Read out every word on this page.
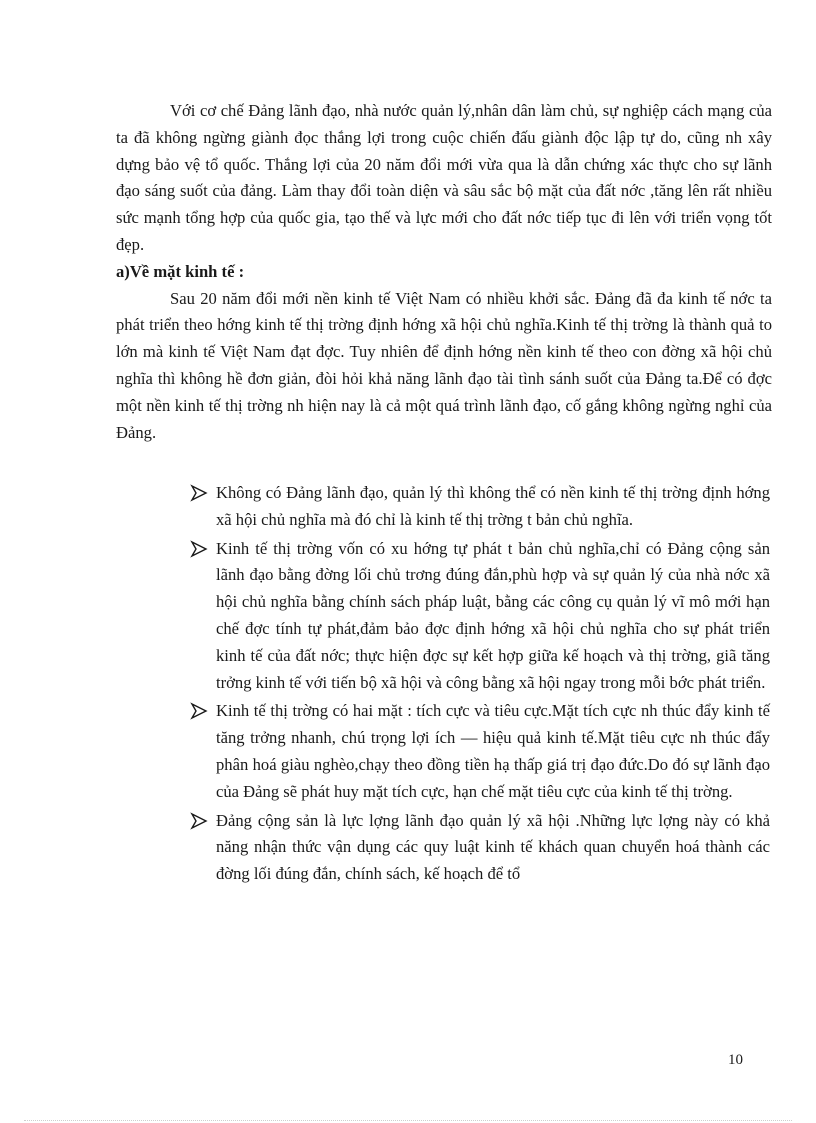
Với cơ chế Đảng lãnh đạo, nhà nước quản lý,nhân dân làm chủ, sự nghiệp cách mạng của ta đã không ngừng giành đọc thắng lợi trong cuộc chiến đấu giành độc lập tự do, cũng nh xây dựng bảo vệ tổ quốc. Thắng lợi của 20 năm đổi mới vừa qua là dẫn chứng xác thực cho sự lãnh đạo sáng suốt của đảng. Làm thay đổi toàn diện và sâu sắc bộ mặt của đất nớc ,tăng lên rất nhiều sức mạnh tổng hợp của quốc gia, tạo thế và lực mới cho đất nớc tiếp tục đi lên với triển vọng tốt đẹp.

a)Về mặt kinh tế :

Sau 20 năm đổi mới nền kinh tế Việt Nam có nhiều khởi sắc. Đảng đã đa kinh tế nớc ta phát triển theo hớng kinh tế thị trờng định hớng xã hội chủ nghĩa.Kinh tế thị trờng là thành quả to lớn mà kinh tế Việt Nam đạt đợc. Tuy nhiên để định hớng nền kinh tế theo con đờng xã hội chủ nghĩa thì không hề đơn giản, đòi hỏi khả năng lãnh đạo tài tình sánh suốt của Đảng ta.Để có đợc một nền kinh tế thị trờng nh hiện nay là cả một quá trình lãnh đạo, cố gắng không ngừng nghỉ của Đảng.

Không có Đảng lãnh đạo, quản lý thì không thể có nền kinh tế thị trờng định hớng xã hội chủ nghĩa mà đó chỉ là kinh tế thị trờng t bản chủ nghĩa.
Kinh tế thị trờng vốn có xu hớng tự phát t bản chủ nghĩa,chỉ có Đảng cộng sản lãnh đạo bằng đờng lối chủ trơng đúng đắn,phù hợp và sự quản lý của nhà nớc xã hội chủ nghĩa bằng chính sách pháp luật, bằng các công cụ quản lý vĩ mô mới hạn chế đợc tính tự phát,đảm bảo đợc định hớng xã hội chủ nghĩa cho sự phát triển kinh tế của đất nớc; thực hiện đợc sự kết hợp giữa kế hoạch và thị trờng, giã tăng trởng kinh tế với tiến bộ xã hội và công bằng xã hội ngay trong mỗi bớc phát triển.
Kinh tế thị trờng có hai mặt : tích cực và tiêu cực.Mặt tích cực nh thúc đẩy kinh tế tăng trởng nhanh, chú trọng lợi ích — hiệu quả kinh tế.Mặt tiêu cực nh thúc đẩy phân hoá giàu nghèo,chạy theo đồng tiền hạ thấp giá trị đạo đức.Do đó sự lãnh đạo của Đảng sẽ phát huy mặt tích cực, hạn chế mặt tiêu cực của kinh tế thị trờng.
Đảng cộng sản là lực lợng lãnh đạo quản lý xã hội .Những lực lợng này có khả năng nhận thức vận dụng các quy luật kinh tế khách quan chuyển hoá thành các đờng lối đúng đắn, chính sách, kế hoạch để tổ
10
